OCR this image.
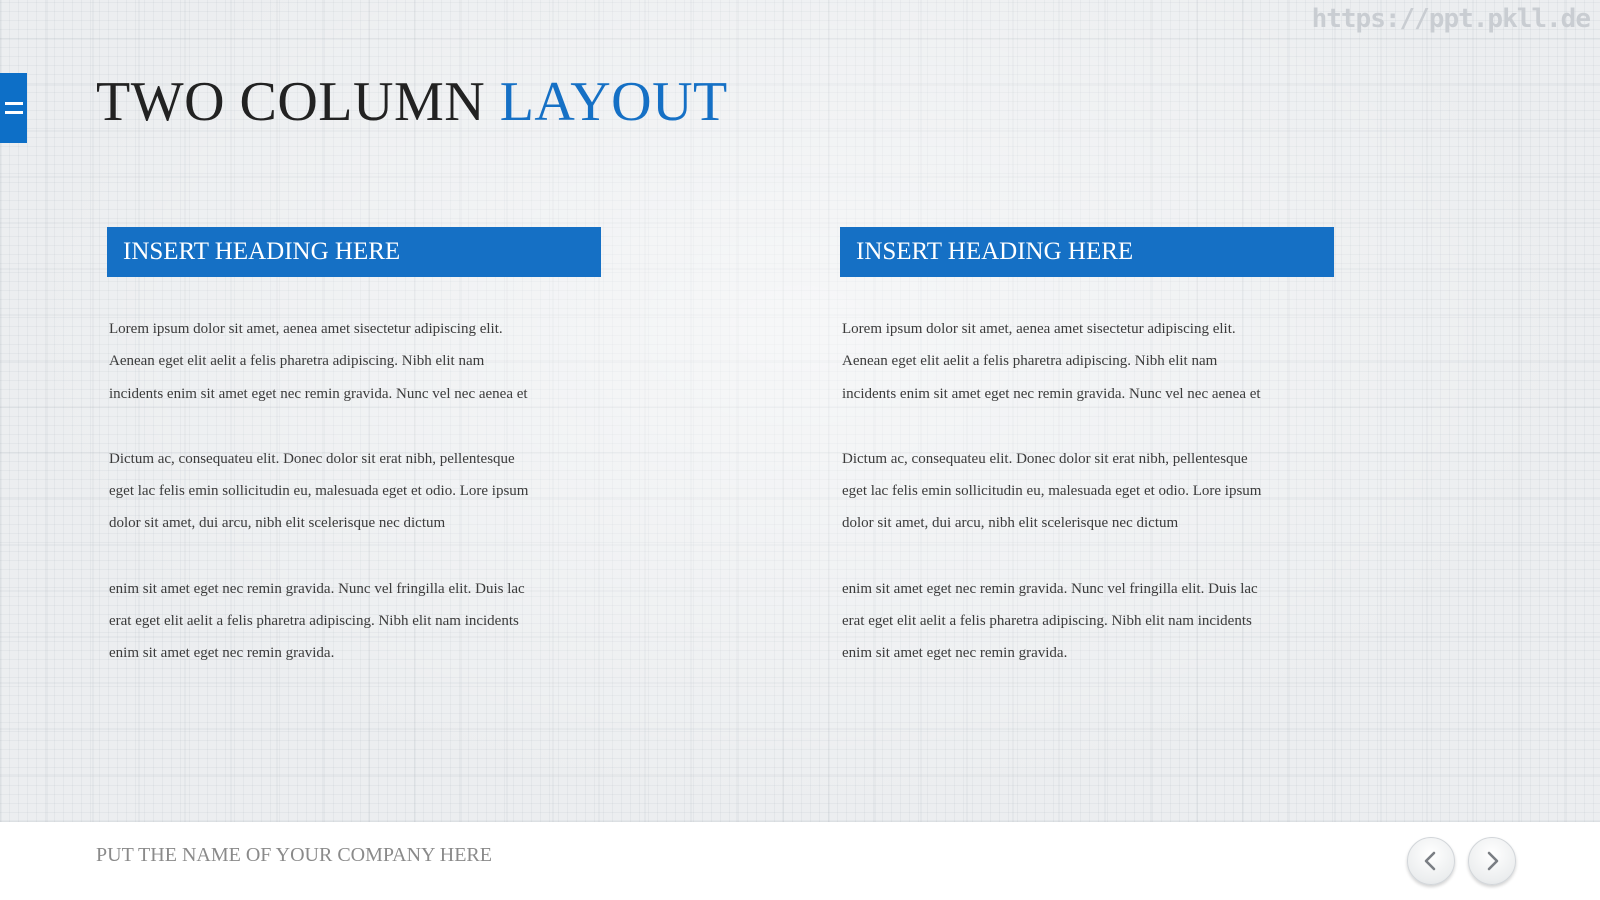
https://ppt.pkll.de
TWO COLUMN LAYOUT
INSERT HEADING HERE

Lorem ipsum dolor sit amet, aenea amet sisectetur adipiscing elit. Aenean eget elit aelit a felis pharetra adipiscing. Nibh elit nam incidents enim sit amet eget nec remin gravida. Nunc vel nec aenea et

Dictum ac, consequateu elit. Donec dolor sit erat nibh, pellentesque eget lac felis emin sollicitudin eu, malesuada eget et odio. Lore ipsum dolor sit amet, dui arcu, nibh elit scelerisque nec dictum

enim sit amet eget nec remin gravida. Nunc vel fringilla elit. Duis lac erat eget elit aelit a felis pharetra adipiscing. Nibh elit nam incidents enim sit amet eget nec remin gravida.

INSERT HEADING HERE

Lorem ipsum dolor sit amet, aenea amet sisectetur adipiscing elit. Aenean eget elit aelit a felis pharetra adipiscing. Nibh elit nam incidents enim sit amet eget nec remin gravida. Nunc vel nec aenea et

Dictum ac, consequateu elit. Donec dolor sit erat nibh, pellentesque eget lac felis emin sollicitudin eu, malesuada eget et odio. Lore ipsum dolor sit amet, dui arcu, nibh elit scelerisque nec dictum

enim sit amet eget nec remin gravida. Nunc vel fringilla elit. Duis lac erat eget elit aelit a felis pharetra adipiscing. Nibh elit nam incidents enim sit amet eget nec remin gravida.

PUT THE NAME OF YOUR COMPANY HERE
